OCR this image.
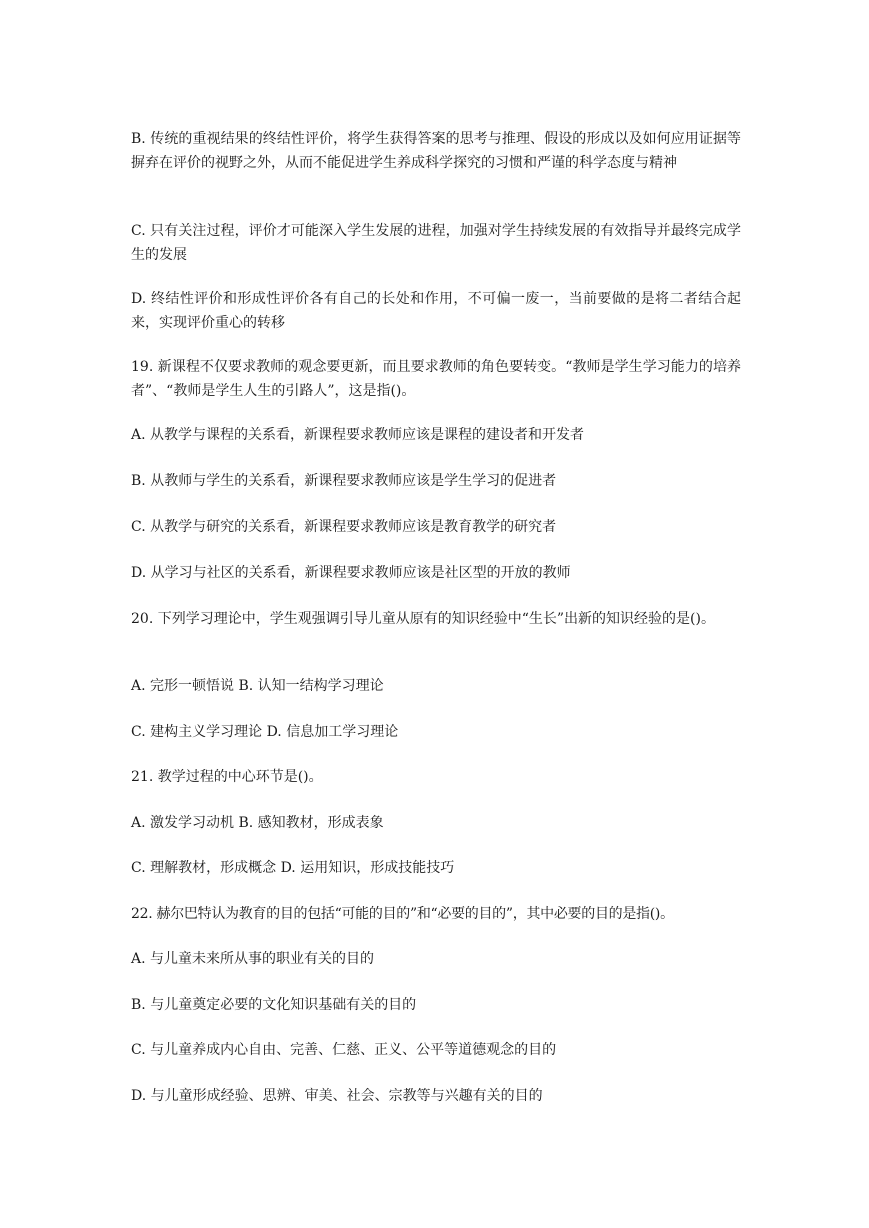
B. 传统的重视结果的终结性评价，将学生获得答案的思考与推理、假设的形成以及如何应用证据等摒弃在评价的视野之外，从而不能促进学生养成科学探究的习惯和严谨的科学态度与精神

C. 只有关注过程，评价才可能深入学生发展的进程，加强对学生持续发展的有效指导并最终完成学生的发展

D. 终结性评价和形成性评价各有自己的长处和作用，不可偏一废一，当前要做的是将二者结合起来，实现评价重心的转移

19. 新课程不仅要求教师的观念要更新，而且要求教师的角色要转变。“教师是学生学习能力的培养者”、“教师是学生人生的引路人”，这是指()。

A. 从教学与课程的关系看，新课程要求教师应该是课程的建设者和开发者

B. 从教师与学生的关系看，新课程要求教师应该是学生学习的促进者

C. 从教学与研究的关系看，新课程要求教师应该是教育教学的研究者

D. 从学习与社区的关系看，新课程要求教师应该是社区型的开放的教师

20. 下列学习理论中，学生观强调引导儿童从原有的知识经验中“生长”出新的知识经验的是()。

A. 完形一顿悟说 B. 认知一结构学习理论

C. 建构主义学习理论 D. 信息加工学习理论

21. 教学过程的中心环节是()。

A. 激发学习动机 B. 感知教材，形成表象

C. 理解教材，形成概念 D. 运用知识，形成技能技巧

22. 赫尔巴特认为教育的目的包括“可能的目的”和“必要的目的”，其中必要的目的是指()。

A. 与儿童未来所从事的职业有关的目的

B. 与儿童奠定必要的文化知识基础有关的目的

C. 与儿童养成内心自由、完善、仁慈、正义、公平等道德观念的目的

D. 与儿童形成经验、思辨、审美、社会、宗教等与兴趣有关的目的
